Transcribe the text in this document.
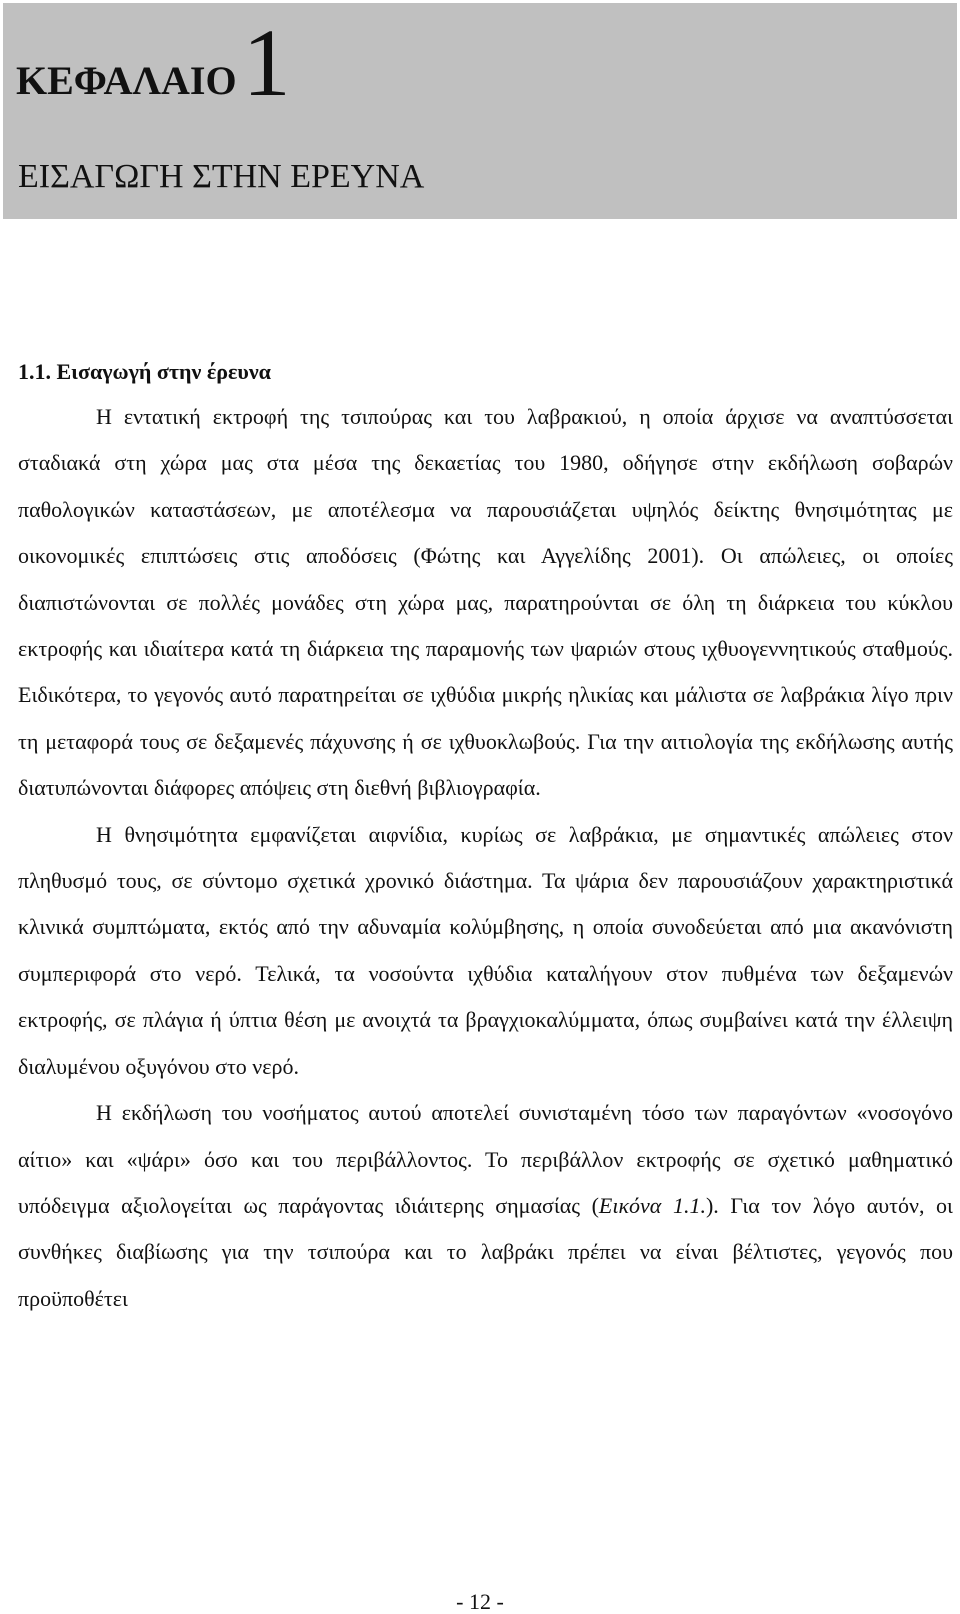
ΚΕΦΑΛΑΙΟ1
ΕΙΣΑΓΩΓΗ ΣΤΗΝ ΕΡΕΥΝΑ
1.1. Εισαγωγή στην έρευνα

Η εντατική εκτροφή της τσιπούρας και του λαβρακιού, η οποία άρχισε να αναπτύσσεται σταδιακά στη χώρα μας στα μέσα της δεκαετίας του 1980, οδήγησε στην εκδήλωση σοβαρών παθολογικών καταστάσεων, με αποτέλεσμα να παρουσιάζεται υψηλός δείκτης θνησιμότητας με οικονομικές επιπτώσεις στις αποδόσεις (Φώτης και Αγγελίδης 2001). Οι απώλειες, οι οποίες διαπιστώνονται σε πολλές μονάδες στη χώρα μας, παρατηρούνται σε όλη τη διάρκεια του κύκλου εκτροφής και ιδιαίτερα κατά τη διάρκεια της παραμονής των ψαριών στους ιχθυογεννητικούς σταθμούς. Ειδικότερα, το γεγονός αυτό παρατηρείται σε ιχθύδια μικρής ηλικίας και μάλιστα σε λαβράκια λίγο πριν τη μεταφορά τους σε δεξαμενές πάχυνσης ή σε ιχθυοκλωβούς. Για την αιτιολογία της εκδήλωσης αυτής διατυπώνονται διάφορες απόψεις στη διεθνή βιβλιογραφία.

Η θνησιμότητα εμφανίζεται αιφνίδια, κυρίως σε λαβράκια, με σημαντικές απώλειες στον πληθυσμό τους, σε σύντομο σχετικά χρονικό διάστημα. Τα ψάρια δεν παρουσιάζουν χαρακτηριστικά κλινικά συμπτώματα, εκτός από την αδυναμία κολύμβησης, η οποία συνοδεύεται από μια ακανόνιστη συμπεριφορά στο νερό. Τελικά, τα νοσούντα ιχθύδια καταλήγουν στον πυθμένα των δεξαμενών εκτροφής, σε πλάγια ή ύπτια θέση με ανοιχτά τα βραγχιοκαλύμματα, όπως συμβαίνει κατά την έλλειψη διαλυμένου οξυγόνου στο νερό.

Η εκδήλωση του νοσήματος αυτού αποτελεί συνισταμένη τόσο των παραγόντων «νοσογόνο αίτιο» και «ψάρι» όσο και του περιβάλλοντος. Το περιβάλλον εκτροφής σε σχετικό μαθηματικό υπόδειγμα αξιολογείται ως παράγοντας ιδιάιτερης σημασίας (Εικόνα 1.1.). Για τον λόγο αυτόν, οι συνθήκες διαβίωσης για την τσιπούρα και το λαβράκι πρέπει να είναι βέλτιστες, γεγονός που προϋποθέτει

- 12 -
